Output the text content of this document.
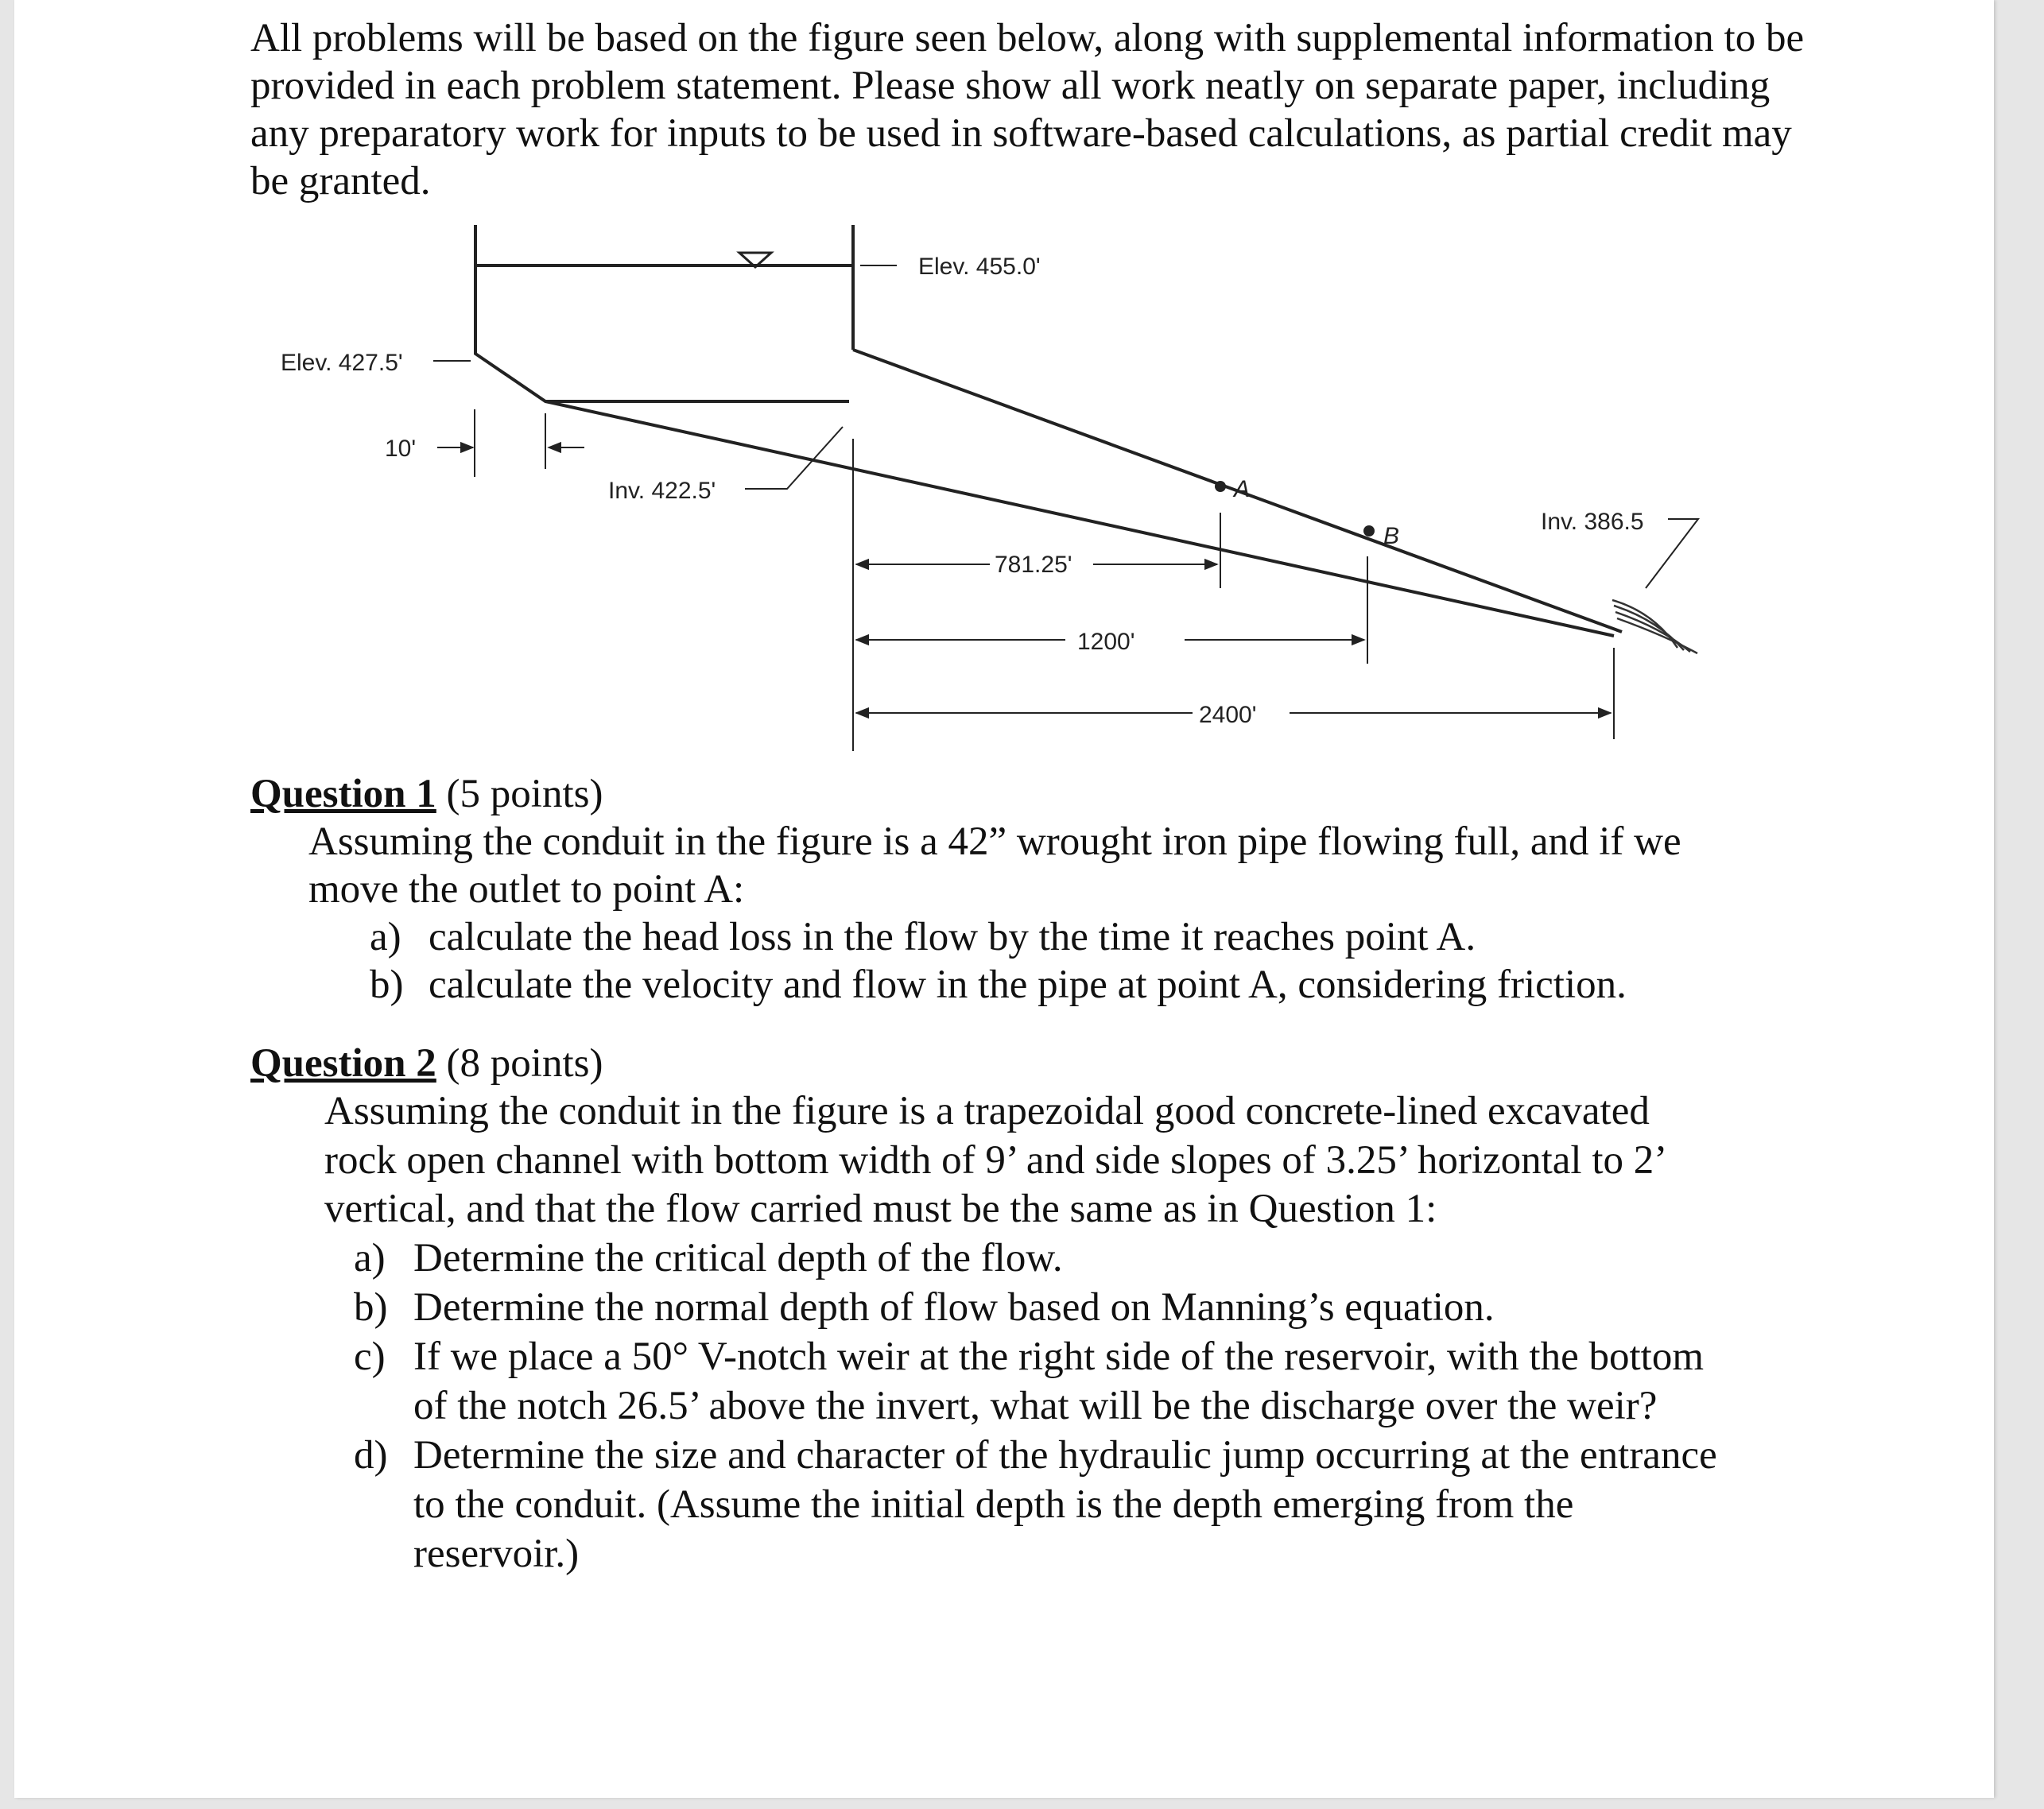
All problems will be based on the figure seen below, along with supplemental information to be provided in each problem statement. Please show all work neatly on separate paper, including any preparatory work for inputs to be used in software-based calculations, as partial credit may be granted.

Elev. 455.0'
Elev. 427.5'
10'
Inv. 422.5'
Inv. 386.5
A
B
781.25'
1200'
2400'

Question 1 (5 points)

Assuming the conduit in the figure is a 42” wrought iron pipe flowing full, and if we

move the outlet to point A:

a) calculate the head loss in the flow by the time it reaches point A.
b) calculate the velocity and flow in the pipe at point A, considering friction.

Question 2 (8 points)

Assuming the conduit in the figure is a trapezoidal good concrete-lined excavated

rock open channel with bottom width of 9’ and side slopes of 3.25’ horizontal to 2’

vertical, and that the flow carried must be the same as in Question 1:

a) Determine the critical depth of the flow.
b) Determine the normal depth of flow based on Manning’s equation.
c) If we place a 50° V-notch weir at the right side of the reservoir, with the bottom
of the notch 26.5’ above the invert, what will be the discharge over the weir?
d) Determine the size and character of the hydraulic jump occurring at the entrance
to the conduit. (Assume the initial depth is the depth emerging from the
reservoir.)
